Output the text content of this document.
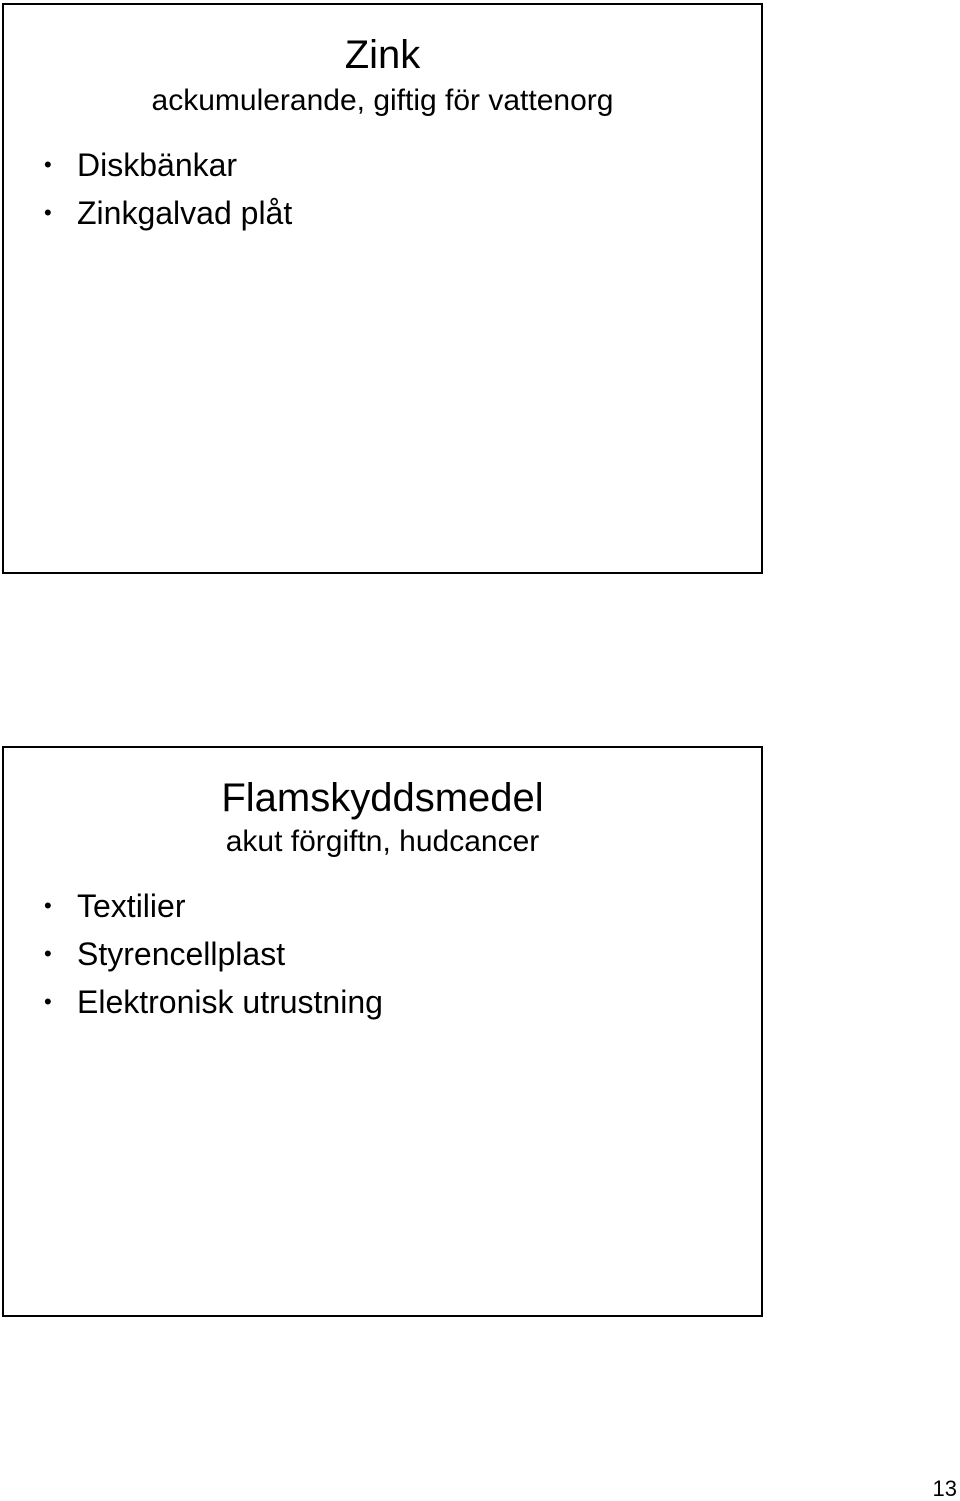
Zink
ackumulerande, giftig för vattenorg
• Diskbänkar
• Zinkgalvad plåt
Flamskyddsmedel
akut förgiftn, hudcancer
• Textilier
• Styrencellplast
• Elektronisk utrustning
13
